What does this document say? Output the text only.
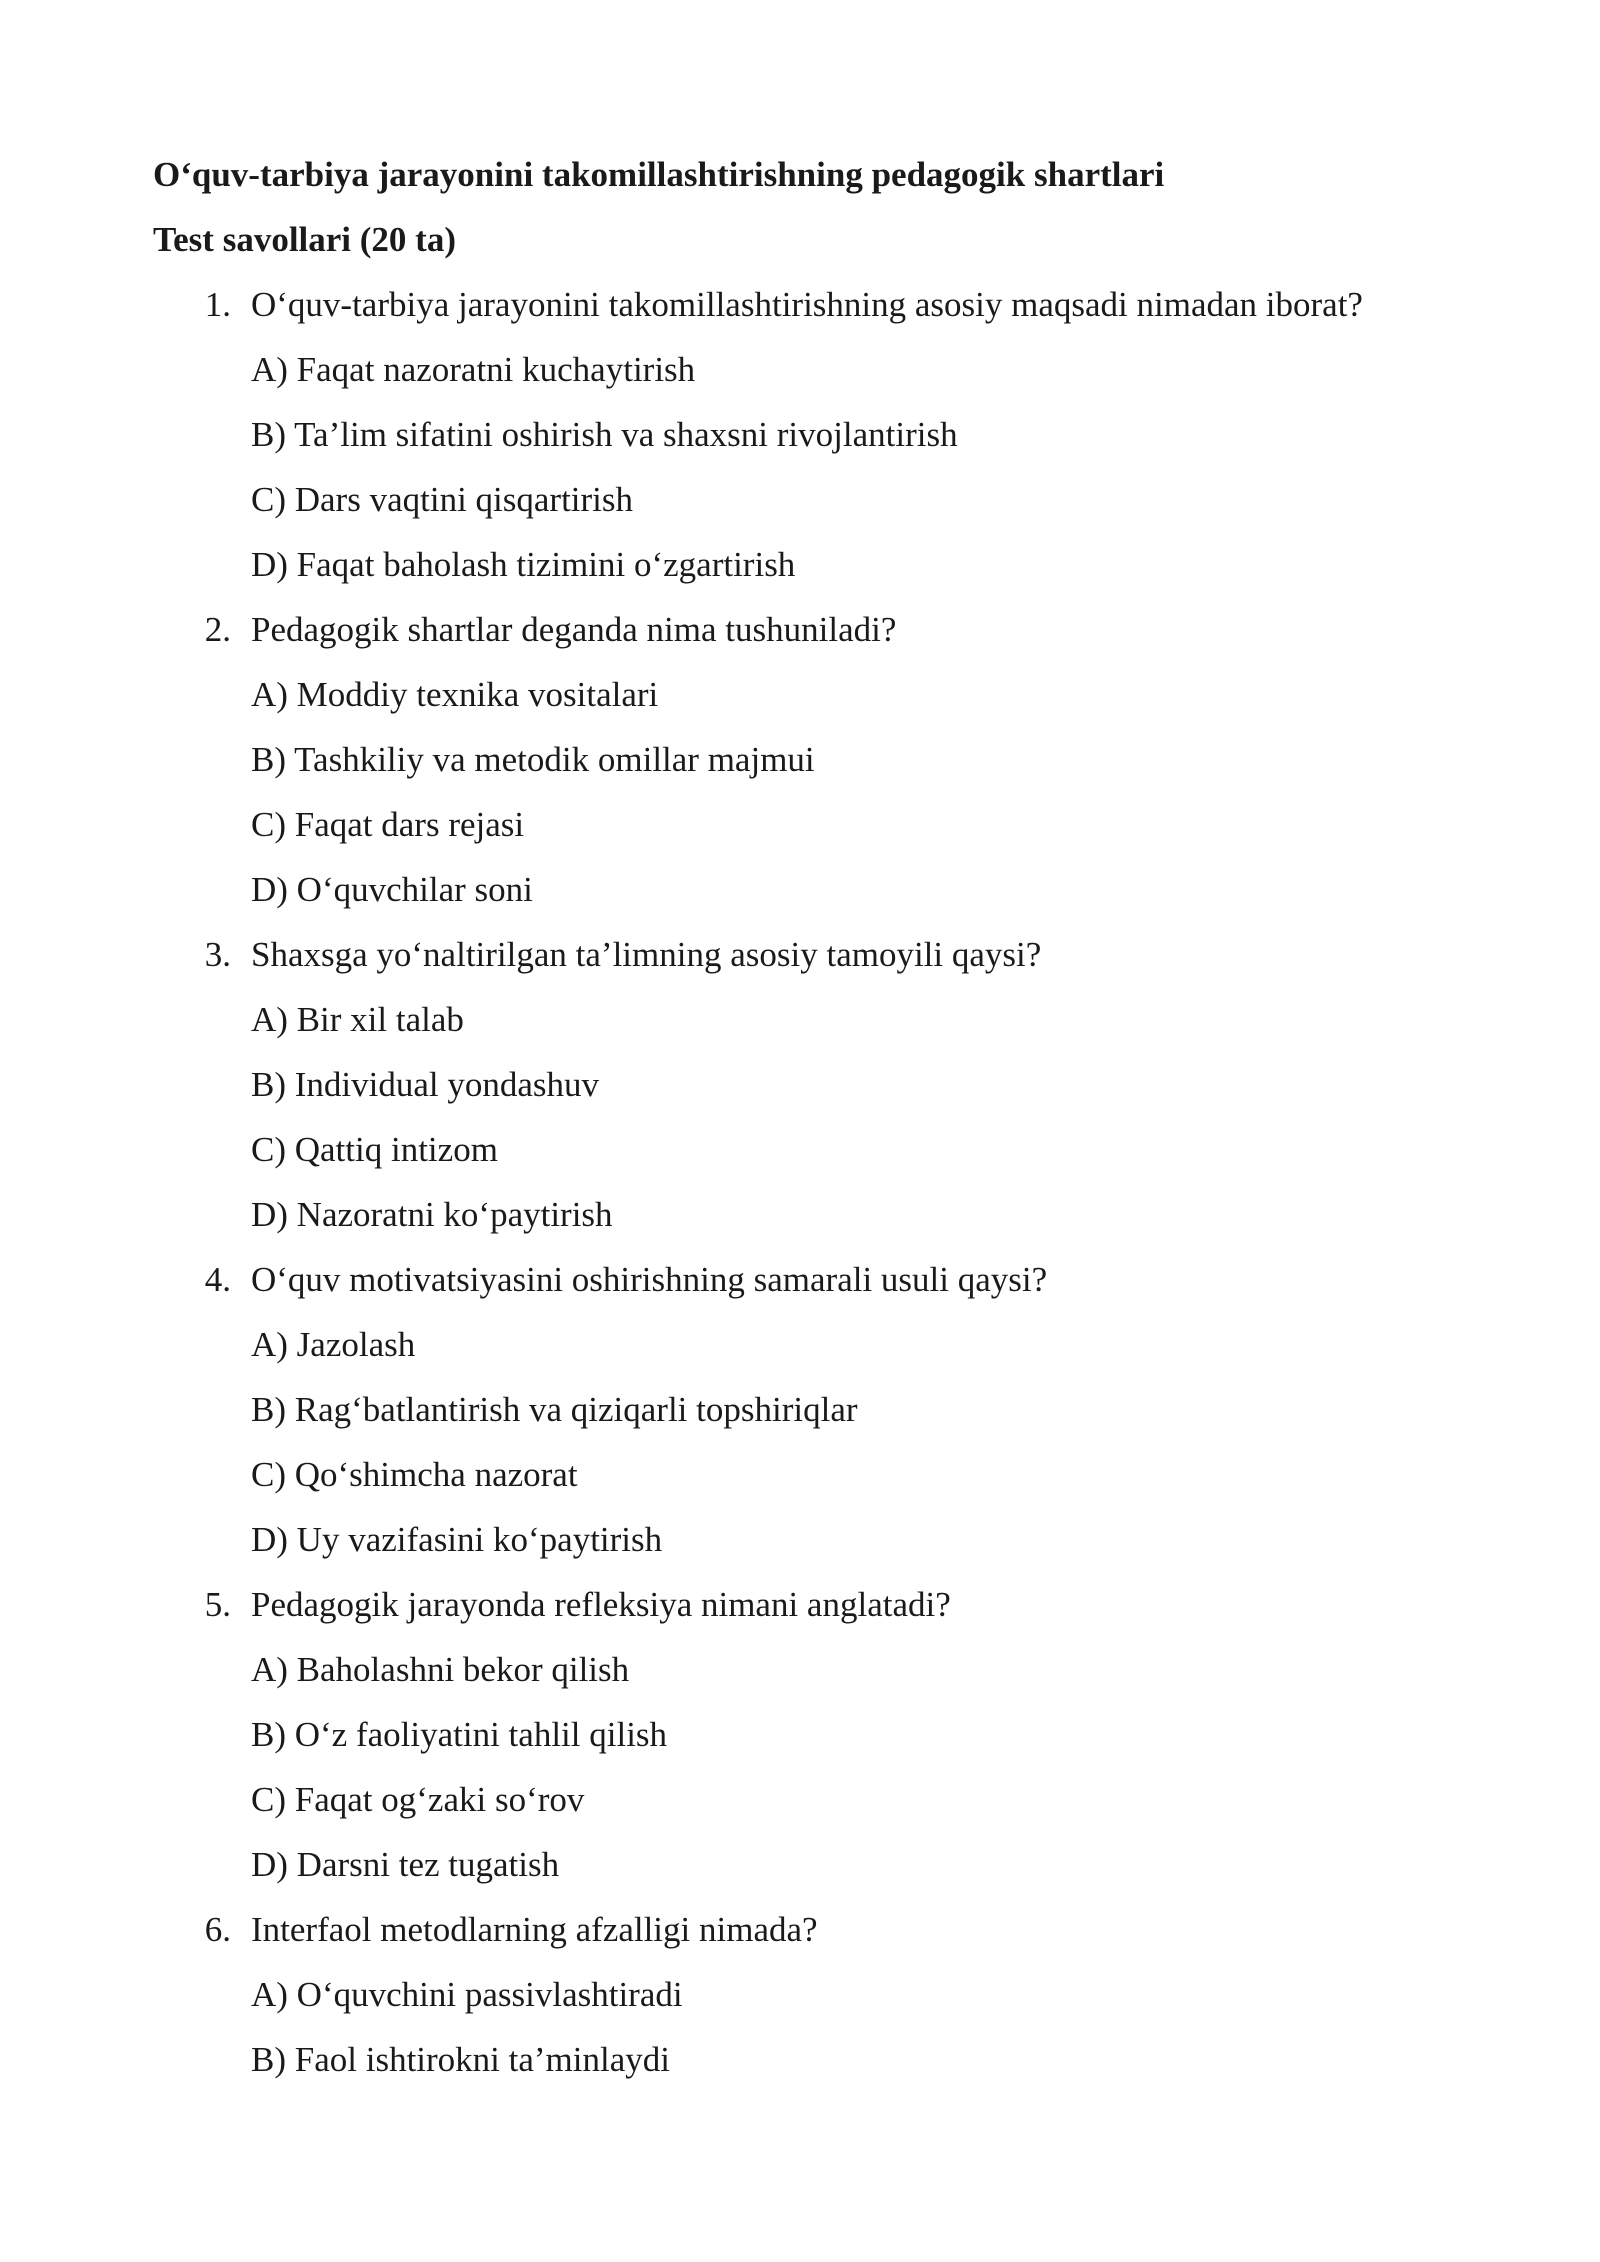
O‘quv-tarbiya jarayonini takomillashtirishning pedagogik shartlari
Test savollari (20 ta)
1. O‘quv-tarbiya jarayonini takomillashtirishning asosiy maqsadi nimadan iborat?
A) Faqat nazoratni kuchaytirish
B) Ta’lim sifatini oshirish va shaxsni rivojlantirish
C) Dars vaqtini qisqartirish
D) Faqat baholash tizimini o‘zgartirish
2. Pedagogik shartlar deganda nima tushuniladi?
A) Moddiy texnika vositalari
B) Tashkiliy va metodik omillar majmui
C) Faqat dars rejasi
D) O‘quvchilar soni
3. Shaxsga yo‘naltirilgan ta’limning asosiy tamoyili qaysi?
A) Bir xil talab
B) Individual yondashuv
C) Qattiq intizom
D) Nazoratni ko‘paytirish
4. O‘quv motivatsiyasini oshirishning samarali usuli qaysi?
A) Jazolash
B) Rag‘batlantirish va qiziqarli topshiriqlar
C) Qo‘shimcha nazorat
D) Uy vazifasini ko‘paytirish
5. Pedagogik jarayonda refleksiya nimani anglatadi?
A) Baholashni bekor qilish
B) O‘z faoliyatini tahlil qilish
C) Faqat og‘zaki so‘rov
D) Darsni tez tugatish
6. Interfaol metodlarning afzalligi nimada?
A) O‘quvchini passivlashtiradi
B) Faol ishtirokni ta’minlaydi
